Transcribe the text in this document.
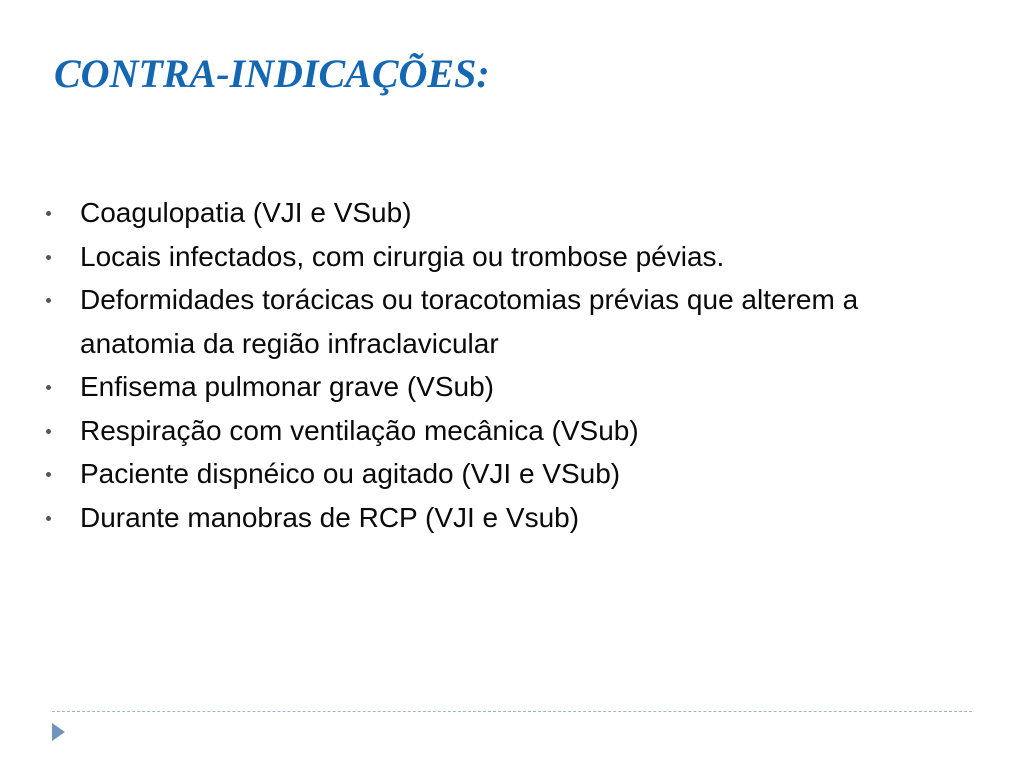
CONTRA-INDICAÇÕES:
Coagulopatia (VJI e VSub)
Locais infectados, com cirurgia ou trombose pévias.
Deformidades torácicas ou toracotomias prévias que alterem a anatomia da região infraclavicular
Enfisema pulmonar grave (VSub)
Respiração com ventilação mecânica (VSub)
Paciente dispnéico ou agitado (VJI e VSub)
Durante manobras de RCP (VJI e Vsub)
